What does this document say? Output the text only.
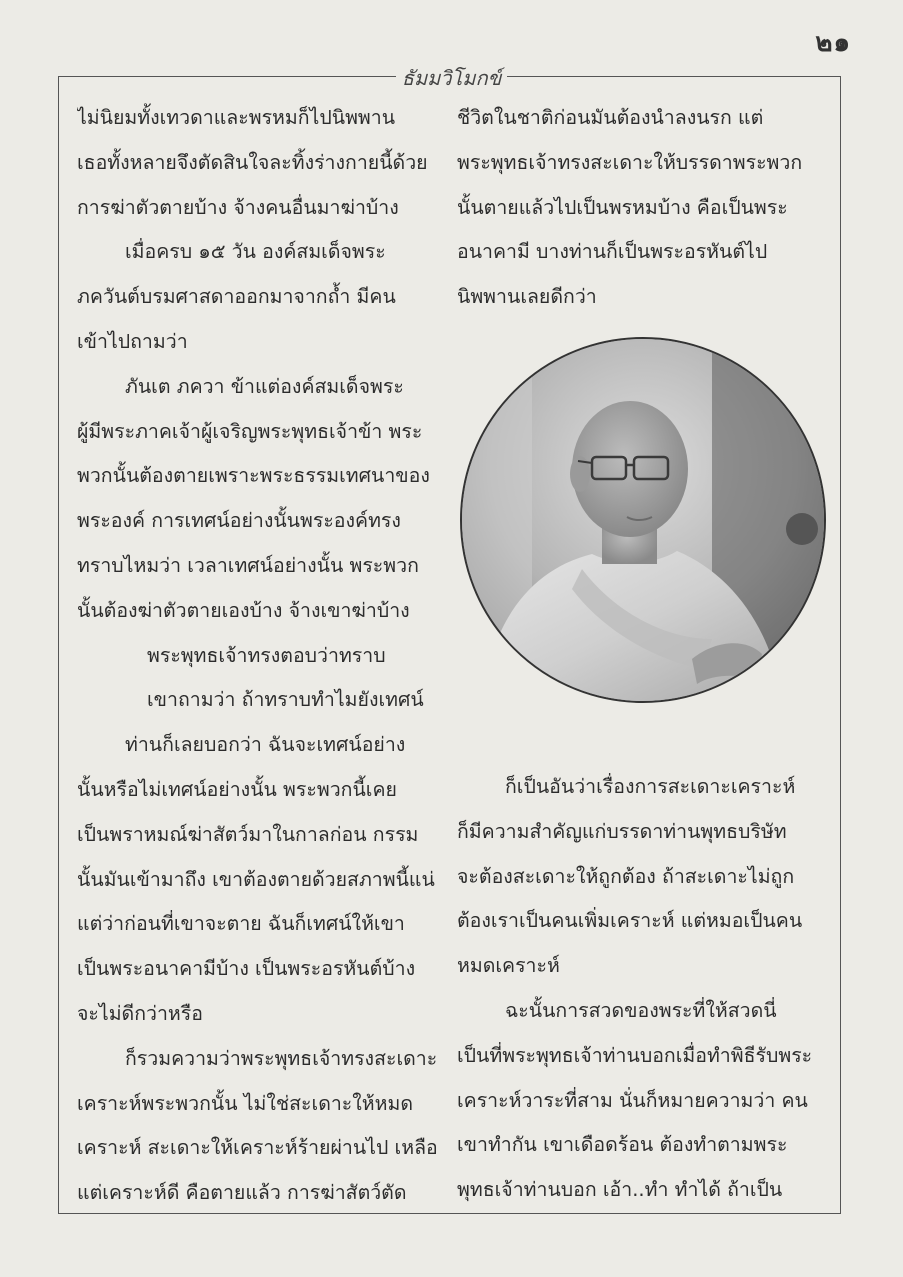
๒๑
ธัมมวิโมกข์
ไม่นิยมทั้งเทวดาและพรหมก็ไปนิพพาน
เธอทั้งหลายจึงตัดสินใจละทิ้งร่างกายนี้ด้วย
การฆ่าตัวตายบ้าง จ้างคนอื่นมาฆ่าบ้าง
เมื่อครบ ๑๕ วัน องค์สมเด็จพระ
ภควันต์บรมศาสดาออกมาจากถ้ำ มีคน
เข้าไปถามว่า
ภันเต ภควา ข้าแต่องค์สมเด็จพระ
ผู้มีพระภาคเจ้าผู้เจริญพระพุทธเจ้าข้า พระ
พวกนั้นต้องตายเพราะพระธรรมเทศนาของ
พระองค์ การเทศน์อย่างนั้นพระองค์ทรง
ทราบไหมว่า เวลาเทศน์อย่างนั้น พระพวก
นั้นต้องฆ่าตัวตายเองบ้าง จ้างเขาฆ่าบ้าง
พระพุทธเจ้าทรงตอบว่าทราบ
เขาถามว่า ถ้าทราบทำไมยังเทศน์
ท่านก็เลยบอกว่า ฉันจะเทศน์อย่าง
นั้นหรือไม่เทศน์อย่างนั้น พระพวกนี้เคย
เป็นพราหมณ์ฆ่าสัตว์มาในกาลก่อน กรรม
นั้นมันเข้ามาถึง เขาต้องตายด้วยสภาพนี้แน่
แต่ว่าก่อนที่เขาจะตาย ฉันก็เทศน์ให้เขา
เป็นพระอนาคามีบ้าง เป็นพระอรหันต์บ้าง
จะไม่ดีกว่าหรือ
ก็รวมความว่าพระพุทธเจ้าทรงสะเดาะ
เคราะห์พระพวกนั้น ไม่ใช่สะเดาะให้หมด
เคราะห์ สะเดาะให้เคราะห์ร้ายผ่านไป เหลือ
แต่เคราะห์ดี คือตายแล้ว การฆ่าสัตว์ตัด
ชีวิตในชาติก่อนมันต้องนำลงนรก แต่
พระพุทธเจ้าทรงสะเดาะให้บรรดาพระพวก
นั้นตายแล้วไปเป็นพรหมบ้าง คือเป็นพระ
อนาคามี บางท่านก็เป็นพระอรหันต์ไป
นิพพานเลยดีกว่า
ก็เป็นอันว่าเรื่องการสะเดาะเคราะห์
ก็มีความสำคัญแก่บรรดาท่านพุทธบริษัท
จะต้องสะเดาะให้ถูกต้อง ถ้าสะเดาะไม่ถูก
ต้องเราเป็นคนเพิ่มเคราะห์ แต่หมอเป็นคน
หมดเคราะห์
ฉะนั้นการสวดของพระที่ให้สวดนี่
เป็นที่พระพุทธเจ้าท่านบอกเมื่อทำพิธีรับพระ
เคราะห์วาระที่สาม นั่นก็หมายความว่า คน
เขาทำกัน เขาเดือดร้อน ต้องทำตามพระ
พุทธเจ้าท่านบอก เอ้า..ทำ ทำได้ ถ้าเป็น
